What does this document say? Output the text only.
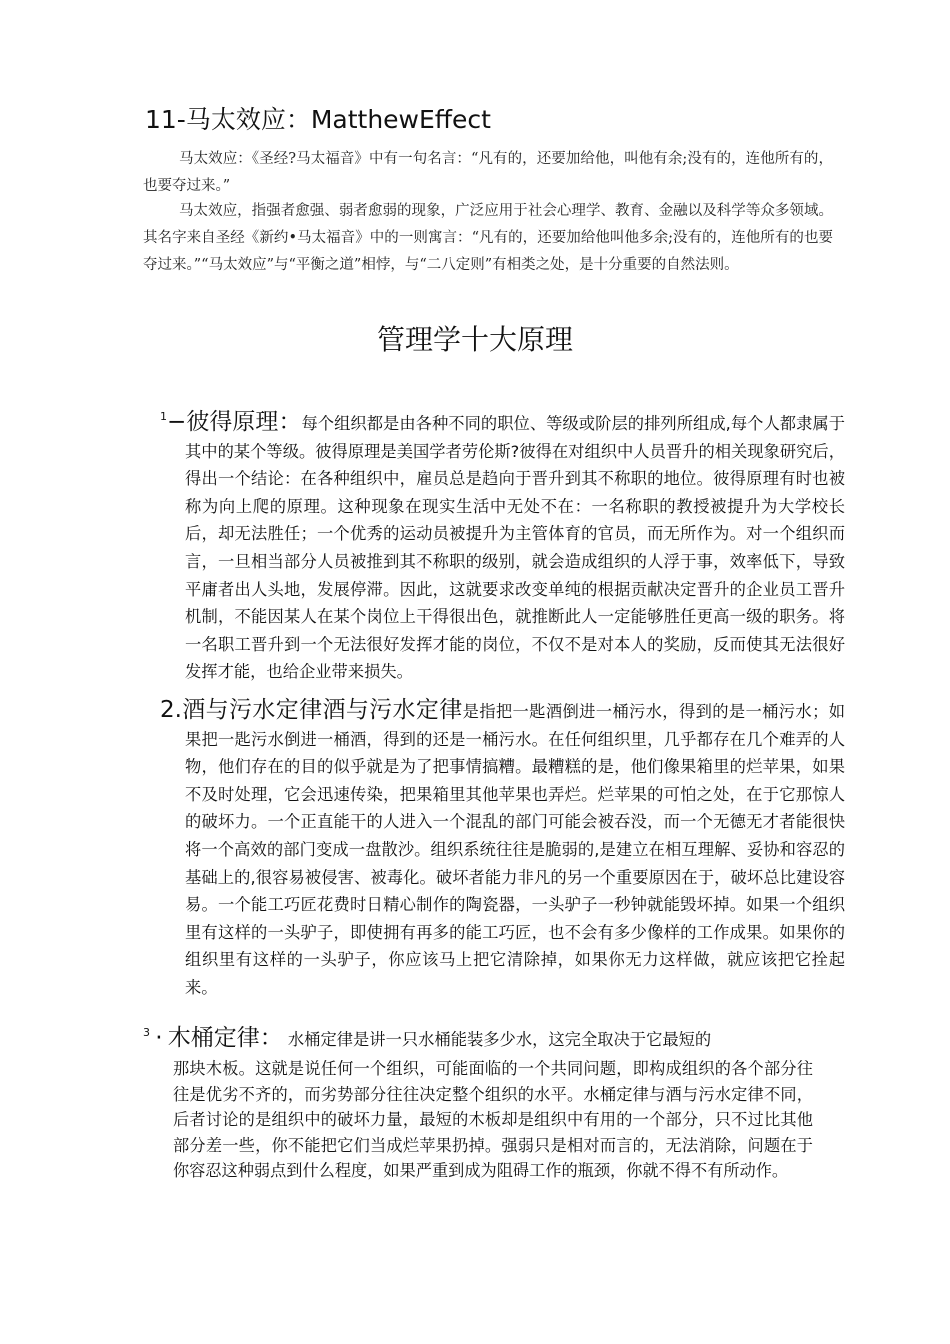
11-马太效应：MatthewEffect

马太效应：《圣经?马太福音》中有一句名言：“凡有的，还要加给他，叫他有余;没有的，连他所有的，也要夺过来。”

马太效应，指强者愈强、弱者愈弱的现象，广泛应用于社会心理学、教育、金融以及科学等众多领域。其名字来自圣经《新约•马太福音》中的一则寓言：“凡有的，还要加给他叫他多余;没有的，连他所有的也要夺过来。”“马太效应”与“平衡之道”相悖，与“二八定则”有相类之处，是十分重要的自然法则。

管理学十大原理

$^1$−彼得原理：每个组织都是由各种不同的职位、等级或阶层的排列所组成,每个人都隶属于其中的某个等级。彼得原理是美国学者劳伦斯?彼得在对组织中人员晋升的相关现象研究后，得出一个结论：在各种组织中，雇员总是趋向于晋升到其不称职的地位。彼得原理有时也被称为向上爬的原理。这种现象在现实生活中无处不在：一名称职的教授被提升为大学校长后，却无法胜任；一个优秀的运动员被提升为主管体育的官员，而无所作为。对一个组织而言，一旦相当部分人员被推到其不称职的级别，就会造成组织的人浮于事，效率低下，导致平庸者出人头地，发展停滞。因此，这就要求改变单纯的根据贡献决定晋升的企业员工晋升机制，不能因某人在某个岗位上干得很出色，就推断此人一定能够胜任更高一级的职务。将一名职工晋升到一个无法很好发挥才能的岗位，不仅不是对本人的奖励，反而使其无法很好发挥才能，也给企业带来损失。

2.酒与污水定律酒与污水定律是指把一匙酒倒进一桶污水，得到的是一桶污水；如果把一匙污水倒进一桶酒，得到的还是一桶污水。在任何组织里，几乎都存在几个难弄的人物，他们存在的目的似乎就是为了把事情搞糟。最糟糕的是，他们像果箱里的烂苹果，如果不及时处理，它会迅速传染，把果箱里其他苹果也弄烂。烂苹果的可怕之处，在于它那惊人的破坏力。一个正直能干的人进入一个混乱的部门可能会被吞没，而一个无德无才者能很快将一个高效的部门变成一盘散沙。组织系统往往是脆弱的,是建立在相互理解、妥协和容忍的基础上的,很容易被侵害、被毒化。破坏者能力非凡的另一个重要原因在于，破坏总比建设容易。一个能工巧匠花费时日精心制作的陶瓷器，一头驴子一秒钟就能毁坏掉。如果一个组织里有这样的一头驴子，即使拥有再多的能工巧匠，也不会有多少像样的工作成果。如果你的组织里有这样的一头驴子，你应该马上把它清除掉，如果你无力这样做，就应该把它拴起来。

$^3$ · 木桶定律： 水桶定律是讲一只水桶能装多少水，这完全取决于它最短的

那块木板。这就是说任何一个组织，可能面临的一个共同问题，即构成组织的各个部分往往是优劣不齐的，而劣势部分往往决定整个组织的水平。水桶定律与酒与污水定律不同，后者讨论的是组织中的破坏力量，最短的木板却是组织中有用的一个部分，只不过比其他部分差一些，你不能把它们当成烂苹果扔掉。强弱只是相对而言的，无法消除，问题在于你容忍这种弱点到什么程度，如果严重到成为阻碍工作的瓶颈，你就不得不有所动作。
